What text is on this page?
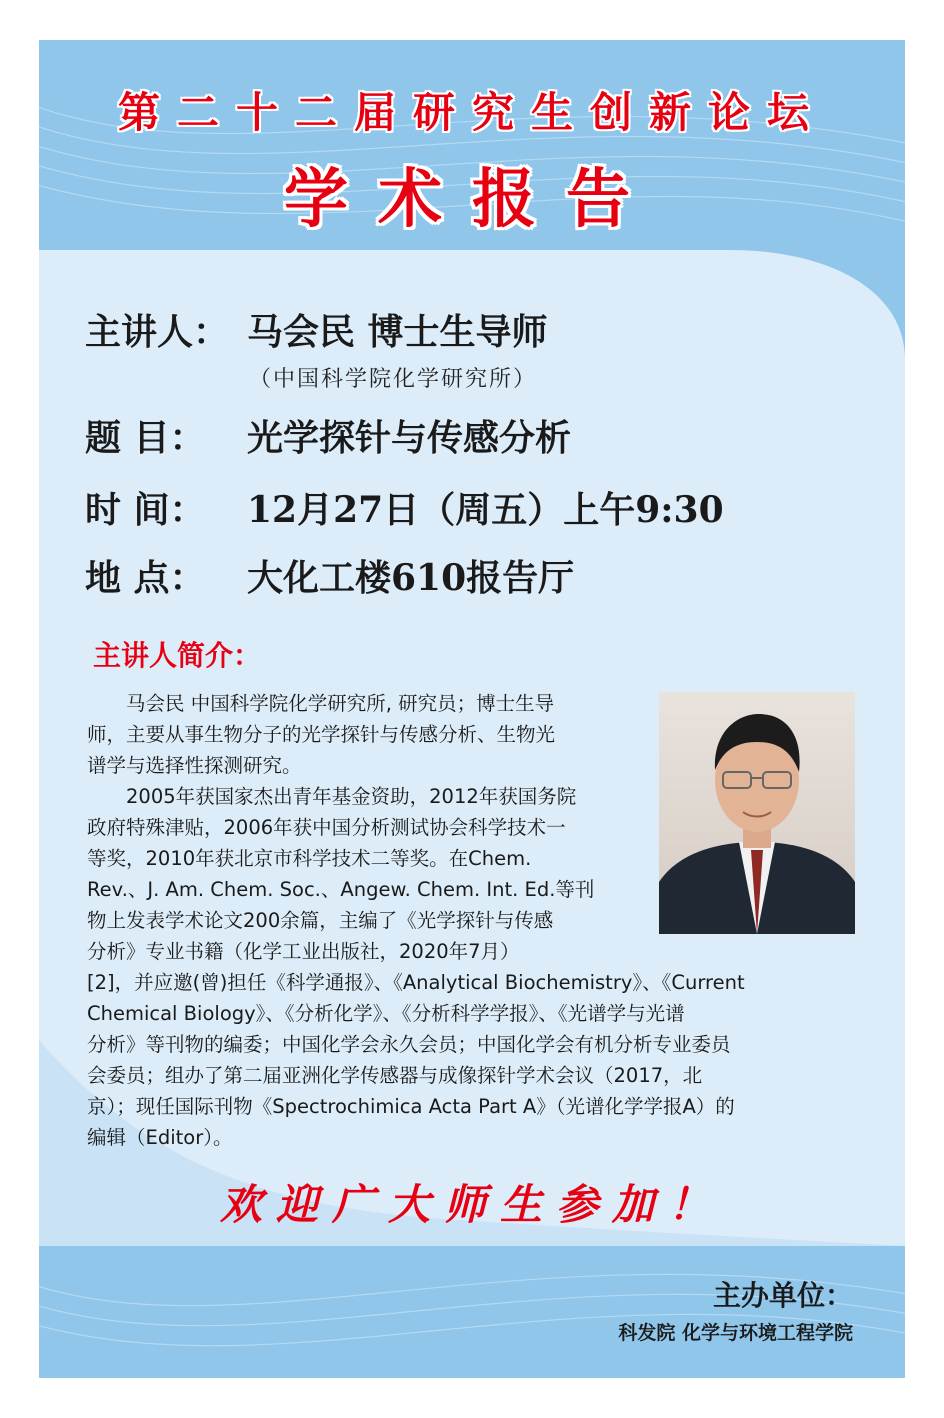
第二十二届研究生创新论坛
学术报告
主讲人： 马会民 博士生导师
（中国科学院化学研究所）
题 目： 光学探针与传感分析
时 间： 12月27日（周五）上午9:30
地 点： 大化工楼610报告厅
主讲人简介：
　　马会民 中国科学院化学研究所, 研究员；博士生导
师，主要从事生物分子的光学探针与传感分析、生物光
谱学与选择性探测研究。
　　2005年获国家杰出青年基金资助，2012年获国务院
政府特殊津贴，2006年获中国分析测试协会科学技术一
等奖，2010年获北京市科学技术二等奖。在Chem.
Rev.、J. Am. Chem. Soc.、Angew. Chem. Int. Ed.等刊
物上发表学术论文200余篇，主编了《光学探针与传感
分析》专业书籍（化学工业出版社，2020年7月）
[2]，并应邀(曾)担任《科学通报》、《Analytical Biochemistry》、《Current
Chemical Biology》、《分析化学》、《分析科学学报》、《光谱学与光谱
分析》等刊物的编委；中国化学会永久会员；中国化学会有机分析专业委员
会委员；组办了第二届亚洲化学传感器与成像探针学术会议（2017，北
京）；现任国际刊物《Spectrochimica Acta Part A》（光谱化学学报A）的
编辑（Editor）。
欢迎广大师生参加！
主办单位：
科发院 化学与环境工程学院
